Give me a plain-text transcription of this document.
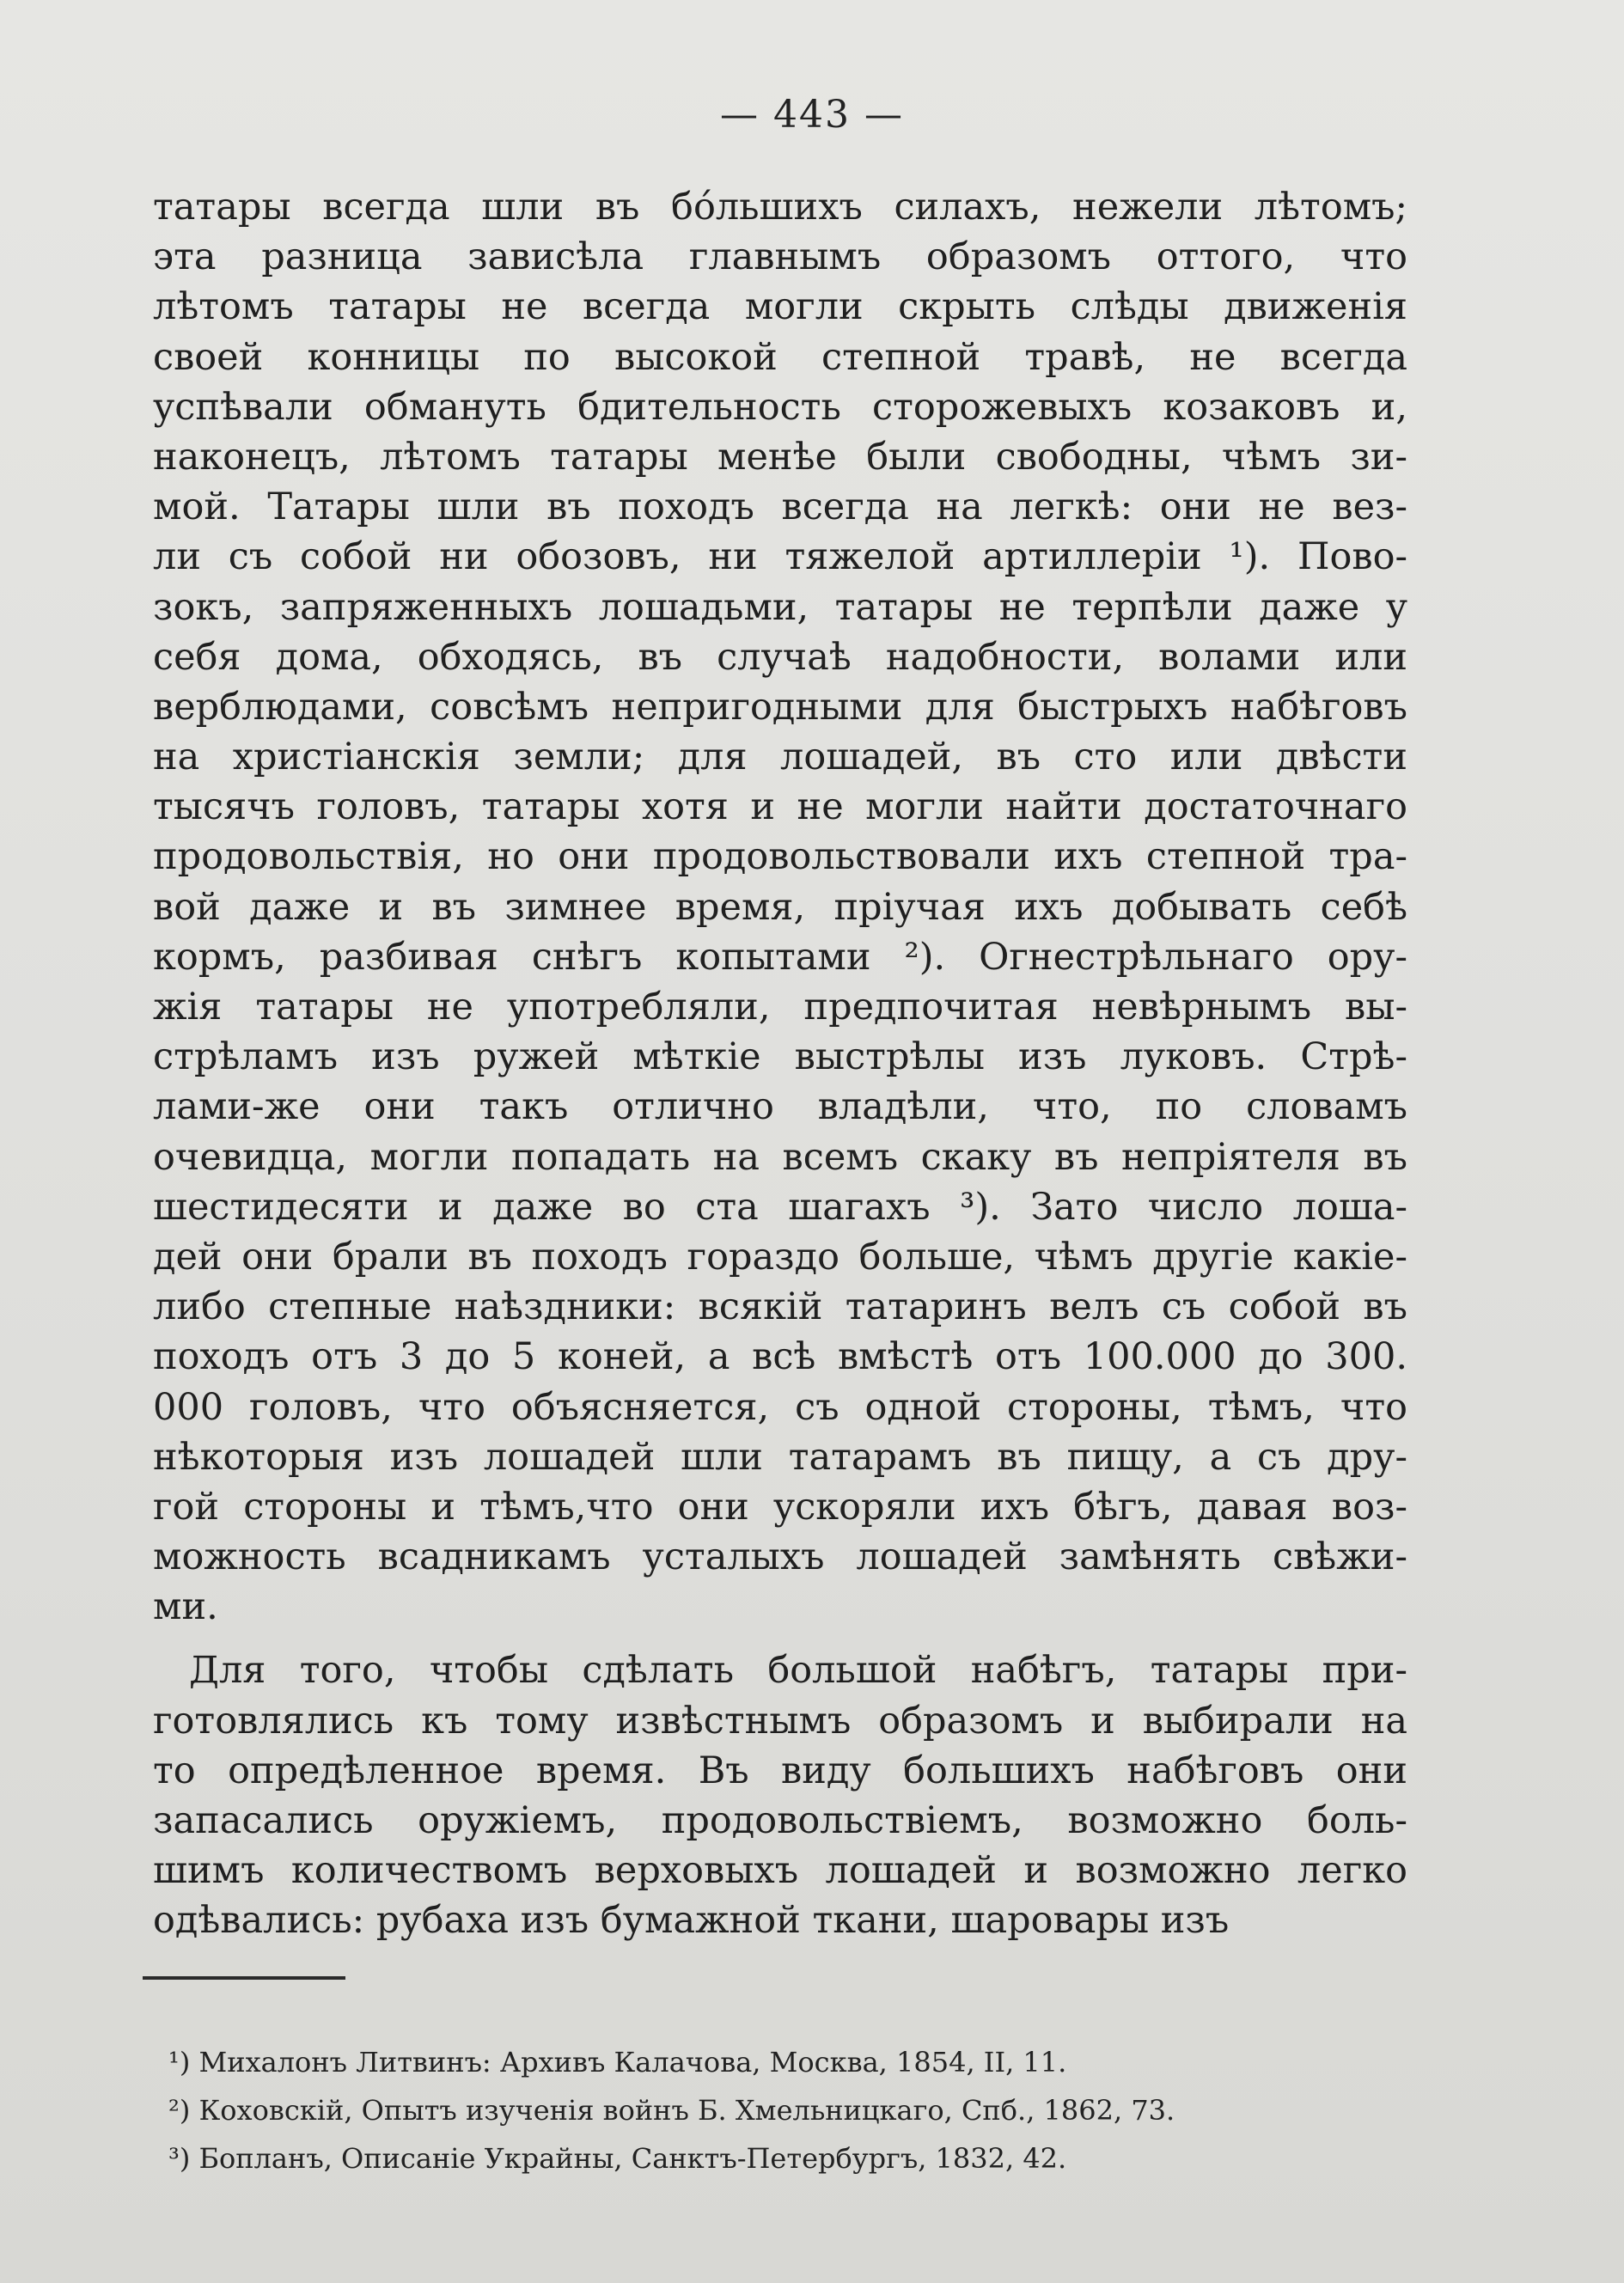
— 443 —
татары всегда шли въ бо́льшихъ силахъ, нежели лѣтомъ;
эта разница зависѣла главнымъ образомъ оттого, что
лѣтомъ татары не всегда могли скрыть слѣды движенія
своей конницы по высокой степной травѣ, не всегда
успѣвали обмануть бдительность сторожевыхъ козаковъ и,
наконецъ, лѣтомъ татары менѣе были свободны, чѣмъ зи-
мой. Татары шли въ походъ всегда на легкѣ: они не вез-
ли съ собой ни обозовъ, ни тяжелой артиллеріи ¹). Пово-
зокъ, запряженныхъ лошадьми, татары не терпѣли даже у
себя дома, обходясь, въ случаѣ надобности, волами или
верблюдами, совсѣмъ непригодными для быстрыхъ набѣговъ
на христіанскія земли; для лошадей, въ сто или двѣсти
тысячъ головъ, татары хотя и не могли найти достаточнаго
продовольствія, но они продовольствовали ихъ степной тра-
вой даже и въ зимнее время, пріучая ихъ добывать себѣ
кормъ, разбивая снѣгъ копытами ²). Огнестрѣльнаго ору-
жія татары не употребляли, предпочитая невѣрнымъ вы-
стрѣламъ изъ ружей мѣткіе выстрѣлы изъ луковъ. Стрѣ-
лами-же они такъ отлично владѣли, что, по словамъ
очевидца, могли попадать на всемъ скаку въ непріятеля въ
шестидесяти и даже во ста шагахъ ³). Зато число лоша-
дей они брали въ походъ гораздо больше, чѣмъ другіе какіе-
либо степные наѣздники: всякій татаринъ велъ съ собой въ
походъ отъ 3 до 5 коней, а всѣ вмѣстѣ отъ 100.000 до 300.
000 головъ, что объясняется, съ одной стороны, тѣмъ, что
нѣкоторыя изъ лошадей шли татарамъ въ пищу, а съ дру-
гой стороны и тѣмъ,что они ускоряли ихъ бѣгъ, давая воз-
можность всадникамъ усталыхъ лошадей замѣнять свѣжи-
ми.
Для того, чтобы сдѣлать большой набѣгъ, татары при-
готовлялись къ тому извѣстнымъ образомъ и выбирали на
то опредѣленное время. Въ виду большихъ набѣговъ они
запасались оружіемъ, продовольствіемъ, возможно боль-
шимъ количествомъ верховыхъ лошадей и возможно легко
одѣвались: рубаха изъ бумажной ткани, шаровары изъ
¹) Михалонъ Литвинъ: Архивъ Калачова, Москва, 1854, II, 11.
²) Коховскій, Опытъ изученія войнъ Б. Хмельницкаго, Спб., 1862, 73.
³) Бопланъ, Описаніе Украйны, Санктъ-Петербургъ, 1832, 42.
